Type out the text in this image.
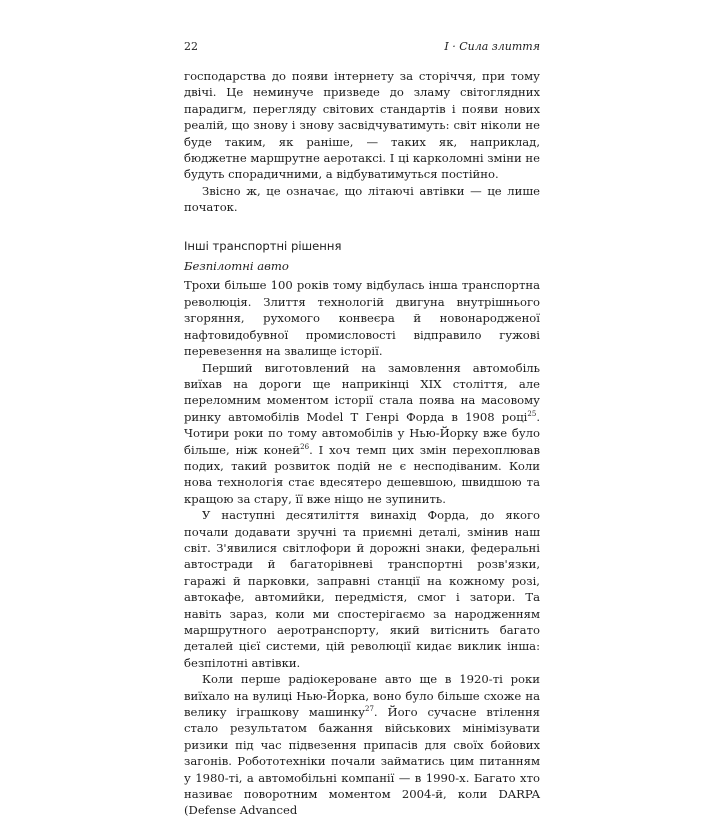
22	I · Сила злиття

господарства до появи інтернету за сторіччя, при тому двічі. Це неминуче призведе до зламу світоглядних парадигм, перегляду світових стандартів і появи нових реалій, що знову і знову засвідчуватимуть: світ ніколи не буде таким, як раніше, — таких як, наприклад, бюджетне маршрутне аеротаксі. І ці карколомні зміни не будуть спорадичними, а відбуватимуться постійно.

Звісно ж, це означає, що літаючі автівки — це лише початок.

Інші транспортні рішення
Безпілотні авто

Трохи більше 100 років тому відбулась інша транспортна революція. Злиття технологій двигуна внутрішнього згоряння, рухомого конвеєра й новонародженої нафтовидобувної промисловості відправило гужові перевезення на звалище історії.

Перший виготовлений на замовлення автомобіль виїхав на дороги ще наприкінці XIX століття, але переломним моментом історії стала поява на масовому ринку автомобілів Model T Генрі Форда в 1908 році$^{25}$. Чотири роки по тому автомобілів у Нью-Йорку вже було більше, ніж коней$^{26}$. І хоч темп цих змін перехоплював подих, такий розвиток подій не є несподіваним. Коли нова технологія стає вдесятеро дешевшою, швидшою та кращою за стару, її вже ніщо не зупинить.

У наступні десятиліття винахід Форда, до якого почали додавати зручні та приємні деталі, змінив наш світ. З'явилися світлофори й дорожні знаки, федеральні автостради й багаторівневі транспортні розв'язки, гаражі й парковки, заправні станції на кожному розі, автокафе, автомийки, передмістя, смог і затори. Та навіть зараз, коли ми спостерігаємо за народженням маршрутного аеротранспорту, який витіснить багато деталей цієї системи, цій революції кидає виклик інша: безпілотні автівки.

Коли перше радіокероване авто ще в 1920-ті роки виїхало на вулиці Нью-Йорка, воно було більше схоже на велику іграшкову машинку$^{27}$. Його сучасне втілення стало результатом бажання військових мінімізувати ризики під час підвезення припасів для своїх бойових загонів. Робототехніки почали займатись цим питанням у 1980-ті, а автомобільні компанії — в 1990-х. Багато хто називає поворотним моментом 2004-й, коли DARPA (Defense Advanced
